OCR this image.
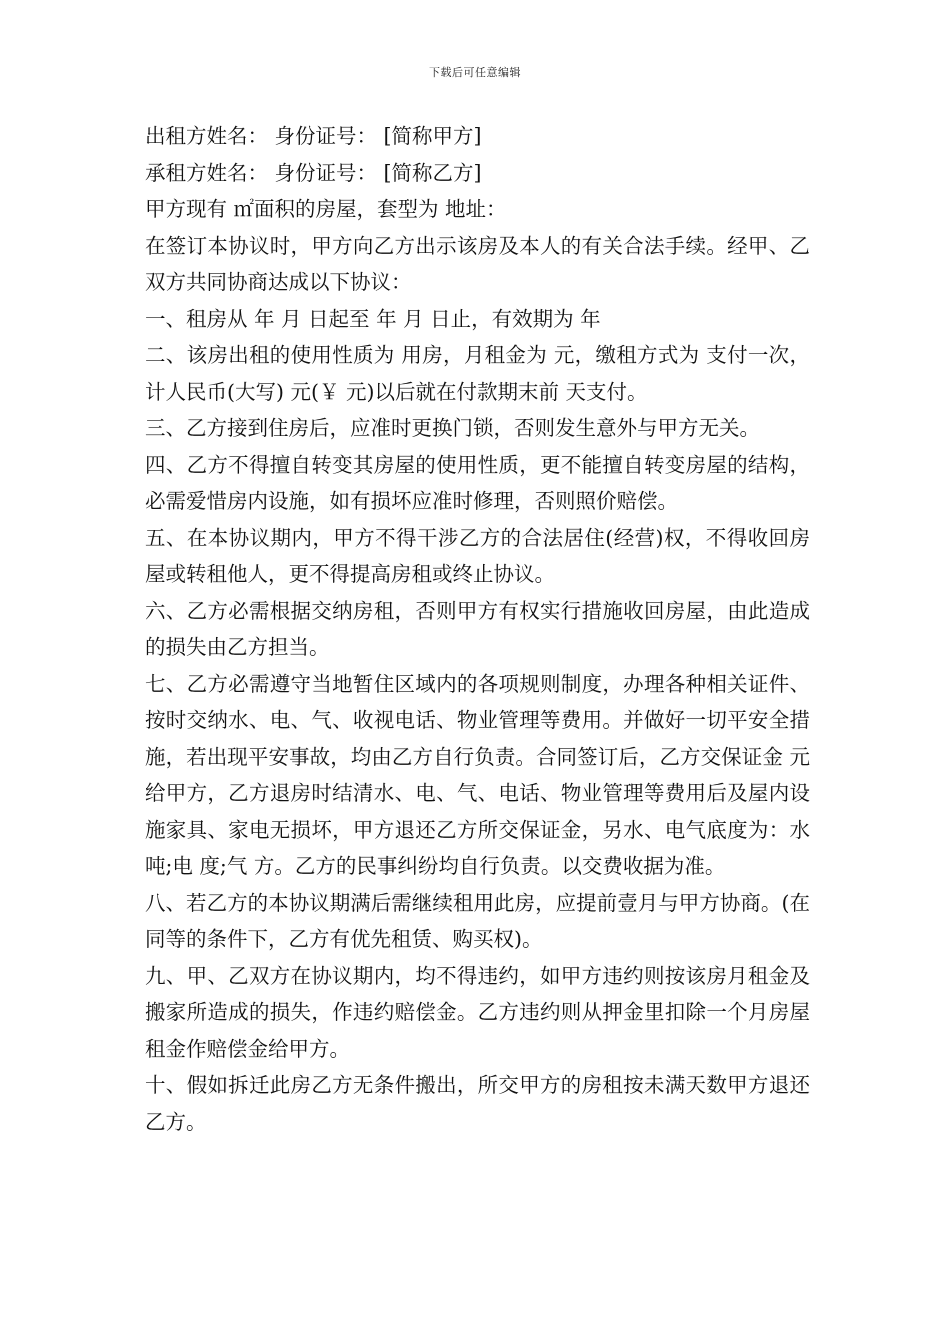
下载后可任意编辑

出租方姓名： 身份证号： [简称甲方]

承租方姓名： 身份证号： [简称乙方]

甲方现有 ㎡面积的房屋，套型为 地址：

在签订本协议时，甲方向乙方出示该房及本人的有关合法手续。经甲、乙双方共同协商达成以下协议：

一、租房从 年 月 日起至 年 月 日止，有效期为 年

二、该房出租的使用性质为 用房，月租金为 元，缴租方式为 支付一次，计人民币(大写) 元(￥ 元)以后就在付款期末前 天支付。

三、乙方接到住房后，应准时更换门锁，否则发生意外与甲方无关。

四、乙方不得擅自转变其房屋的使用性质，更不能擅自转变房屋的结构，必需爱惜房内设施，如有损坏应准时修理，否则照价赔偿。

五、在本协议期内，甲方不得干涉乙方的合法居住(经营)权，不得收回房屋或转租他人，更不得提高房租或终止协议。

六、乙方必需根据交纳房租，否则甲方有权实行措施收回房屋，由此造成的损失由乙方担当。

七、乙方必需遵守当地暂住区域内的各项规则制度，办理各种相关证件、按时交纳水、电、气、收视电话、物业管理等费用。并做好一切平安全措施，若出现平安事故，均由乙方自行负责。合同签订后，乙方交保证金 元给甲方，乙方退房时结清水、电、气、电话、物业管理等费用后及屋内设施家具、家电无损坏，甲方退还乙方所交保证金，另水、电气底度为：水 吨;电 度;气 方。乙方的民事纠纷均自行负责。以交费收据为准。

八、若乙方的本协议期满后需继续租用此房，应提前壹月与甲方协商。(在同等的条件下，乙方有优先租赁、购买权)。

九、甲、乙双方在协议期内，均不得违约，如甲方违约则按该房月租金及搬家所造成的损失，作违约赔偿金。乙方违约则从押金里扣除一个月房屋租金作赔偿金给甲方。

十、假如拆迁此房乙方无条件搬出，所交甲方的房租按未满天数甲方退还乙方。
